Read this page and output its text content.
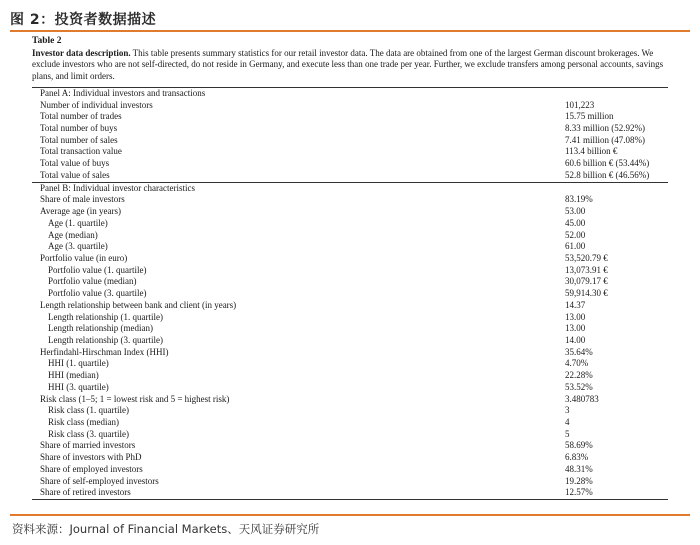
图 2：投资者数据描述

Table 2

Investor data description. This table presents summary statistics for our retail investor data. The data are obtained from one of the largest German discount brokerages. We exclude investors who are not self-directed, do not reside in Germany, and execute less than one trade per year. Further, we exclude transfers among personal accounts, savings plans, and limit orders.

Panel A: Individual investors and transactions	
Number of individual investors	101,223
Total number of trades	15.75 million
Total number of buys	8.33 million (52.92%)
Total number of sales	7.41 million (47.08%)
Total transaction value	113.4 billion €
Total value of buys	60.6 billion € (53.44%)
Total value of sales	52.8 billion € (46.56%)
Panel B: Individual investor characteristics	
Share of male investors	83.19%
Average age (in years)	53.00
Age (1. quartile)	45.00
Age (median)	52.00
Age (3. quartile)	61.00
Portfolio value (in euro)	53,520.79 €
Portfolio value (1. quartile)	13,073.91 €
Portfolio value (median)	30,079.17 €
Portfolio value (3. quartile)	59,914.30 €
Length relationship between bank and client (in years)	14.37
Length relationship (1. quartile)	13.00
Length relationship (median)	13.00
Length relationship (3. quartile)	14.00
Herfindahl-Hirschman Index (HHI)	35.64%
HHI (1. quartile)	4.70%
HHI (median)	22.28%
HHI (3. quartile)	53.52%
Risk class (1–5; 1 = lowest risk and 5 = highest risk)	3.480783
Risk class (1. quartile)	3
Risk class (median)	4
Risk class (3. quartile)	5
Share of married investors	58.69%
Share of investors with PhD	6.83%
Share of employed investors	48.31%
Share of self-employed investors	19.28%
Share of retired investors	12.57%
资料来源：Journal of Financial Markets、天风证券研究所
